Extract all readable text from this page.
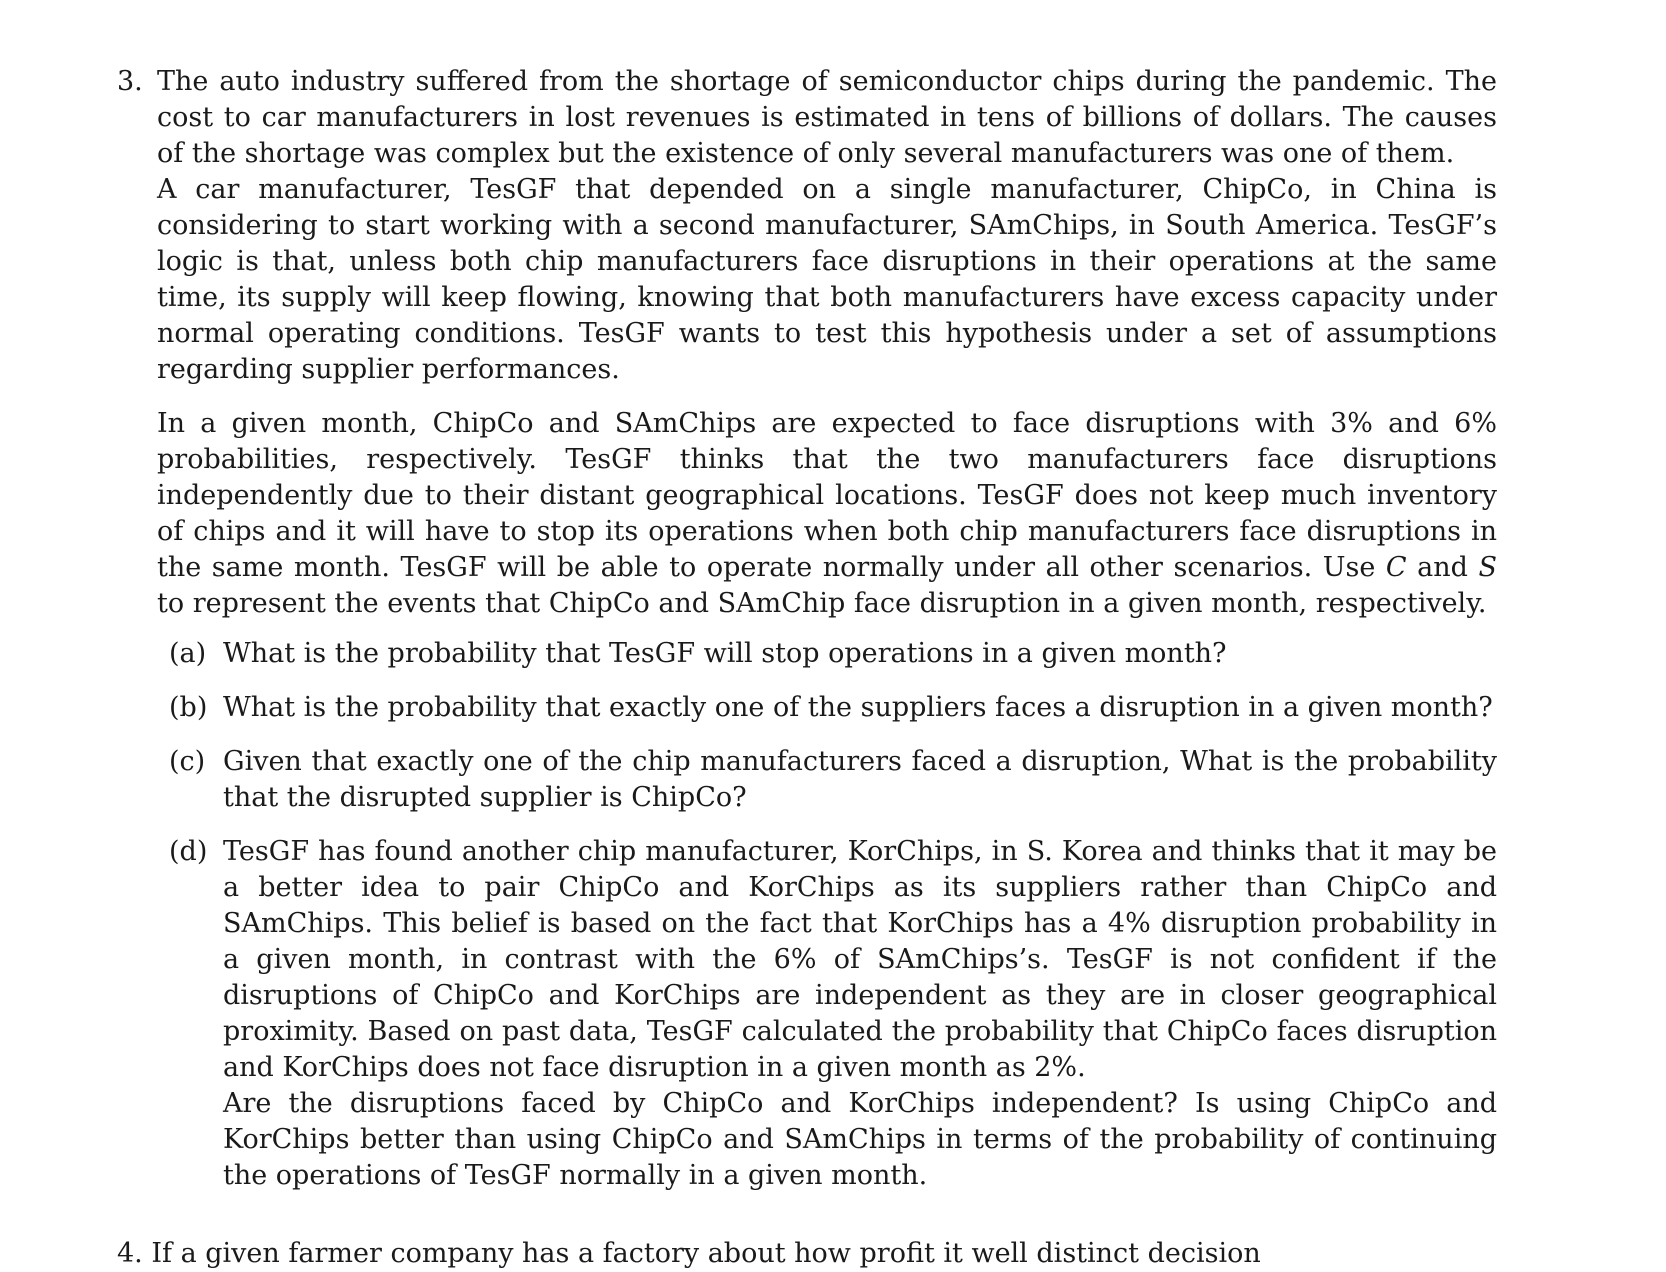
3. The auto industry suffered from the shortage of semiconductor chips during the pandemic. The cost to car manufacturers in lost revenues is estimated in tens of billions of dollars. The causes of the shortage was complex but the existence of only several manufacturers was one of them.

A car manufacturer, TesGF that depended on a single manufacturer, ChipCo, in China is considering to start working with a second manufacturer, SAmChips, in South America. TesGF’s logic is that, unless both chip manufacturers face disruptions in their operations at the same time, its supply will keep flowing, knowing that both manufacturers have excess capacity under normal operating conditions. TesGF wants to test this hypothesis under a set of assumptions regarding supplier performances.

In a given month, ChipCo and SAmChips are expected to face disruptions with 3% and 6% probabilities, respectively. TesGF thinks that the two manufacturers face disruptions independently due to their distant geographical locations. TesGF does not keep much inventory of chips and it will have to stop its operations when both chip manufacturers face disruptions in the same month. TesGF will be able to operate normally under all other scenarios. Use C and S to represent the events that ChipCo and SAmChip face disruption in a given month, respectively.

(a) What is the probability that TesGF will stop operations in a given month?
(b) What is the probability that exactly one of the suppliers faces a disruption in a given month?
(c) Given that exactly one of the chip manufacturers faced a disruption, What is the probability that the disrupted supplier is ChipCo?
(d) TesGF has found another chip manufacturer, KorChips, in S. Korea and thinks that it may be a better idea to pair ChipCo and KorChips as its suppliers rather than ChipCo and SAmChips. This belief is based on the fact that KorChips has a 4% disruption probability in a given month, in contrast with the 6% of SAmChips’s. TesGF is not confident if the disruptions of ChipCo and KorChips are independent as they are in closer geographical proximity. Based on past data, TesGF calculated the probability that ChipCo faces disruption and KorChips does not face disruption in a given month as 2%.
Are the disruptions faced by ChipCo and KorChips independent? Is using ChipCo and KorChips better than using ChipCo and SAmChips in terms of the probability of continuing the operations of TesGF normally in a given month.
4. If a given farmer company has a factory about how profit it well distinct decision
